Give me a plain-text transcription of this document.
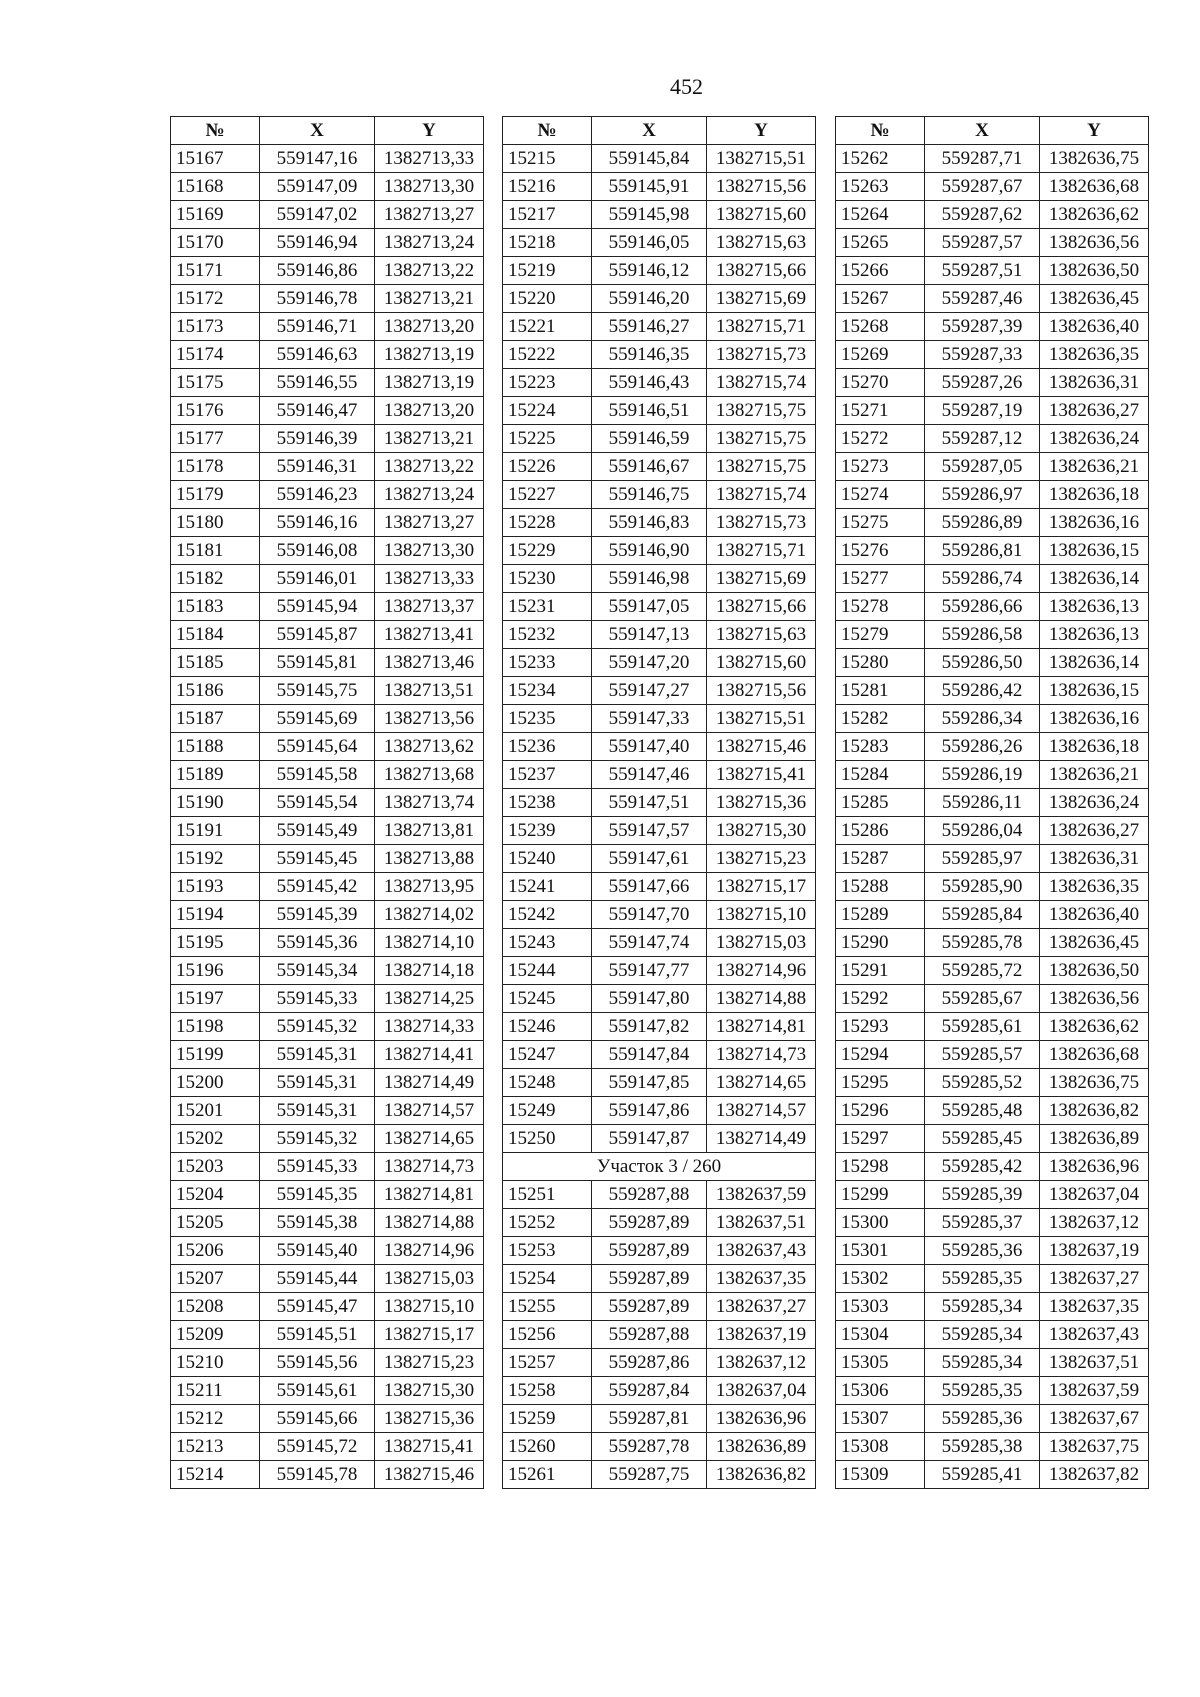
452
№	X	Y
15167	559147,16	1382713,33
15168	559147,09	1382713,30
15169	559147,02	1382713,27
15170	559146,94	1382713,24
15171	559146,86	1382713,22
15172	559146,78	1382713,21
15173	559146,71	1382713,20
15174	559146,63	1382713,19
15175	559146,55	1382713,19
15176	559146,47	1382713,20
15177	559146,39	1382713,21
15178	559146,31	1382713,22
15179	559146,23	1382713,24
15180	559146,16	1382713,27
15181	559146,08	1382713,30
15182	559146,01	1382713,33
15183	559145,94	1382713,37
15184	559145,87	1382713,41
15185	559145,81	1382713,46
15186	559145,75	1382713,51
15187	559145,69	1382713,56
15188	559145,64	1382713,62
15189	559145,58	1382713,68
15190	559145,54	1382713,74
15191	559145,49	1382713,81
15192	559145,45	1382713,88
15193	559145,42	1382713,95
15194	559145,39	1382714,02
15195	559145,36	1382714,10
15196	559145,34	1382714,18
15197	559145,33	1382714,25
15198	559145,32	1382714,33
15199	559145,31	1382714,41
15200	559145,31	1382714,49
15201	559145,31	1382714,57
15202	559145,32	1382714,65
15203	559145,33	1382714,73
15204	559145,35	1382714,81
15205	559145,38	1382714,88
15206	559145,40	1382714,96
15207	559145,44	1382715,03
15208	559145,47	1382715,10
15209	559145,51	1382715,17
15210	559145,56	1382715,23
15211	559145,61	1382715,30
15212	559145,66	1382715,36
15213	559145,72	1382715,41
15214	559145,78	1382715,46
№	X	Y
15215	559145,84	1382715,51
15216	559145,91	1382715,56
15217	559145,98	1382715,60
15218	559146,05	1382715,63
15219	559146,12	1382715,66
15220	559146,20	1382715,69
15221	559146,27	1382715,71
15222	559146,35	1382715,73
15223	559146,43	1382715,74
15224	559146,51	1382715,75
15225	559146,59	1382715,75
15226	559146,67	1382715,75
15227	559146,75	1382715,74
15228	559146,83	1382715,73
15229	559146,90	1382715,71
15230	559146,98	1382715,69
15231	559147,05	1382715,66
15232	559147,13	1382715,63
15233	559147,20	1382715,60
15234	559147,27	1382715,56
15235	559147,33	1382715,51
15236	559147,40	1382715,46
15237	559147,46	1382715,41
15238	559147,51	1382715,36
15239	559147,57	1382715,30
15240	559147,61	1382715,23
15241	559147,66	1382715,17
15242	559147,70	1382715,10
15243	559147,74	1382715,03
15244	559147,77	1382714,96
15245	559147,80	1382714,88
15246	559147,82	1382714,81
15247	559147,84	1382714,73
15248	559147,85	1382714,65
15249	559147,86	1382714,57
15250	559147,87	1382714,49
Участок 3 / 260		
15251	559287,88	1382637,59
15252	559287,89	1382637,51
15253	559287,89	1382637,43
15254	559287,89	1382637,35
15255	559287,89	1382637,27
15256	559287,88	1382637,19
15257	559287,86	1382637,12
15258	559287,84	1382637,04
15259	559287,81	1382636,96
15260	559287,78	1382636,89
15261	559287,75	1382636,82
№	X	Y
15262	559287,71	1382636,75
15263	559287,67	1382636,68
15264	559287,62	1382636,62
15265	559287,57	1382636,56
15266	559287,51	1382636,50
15267	559287,46	1382636,45
15268	559287,39	1382636,40
15269	559287,33	1382636,35
15270	559287,26	1382636,31
15271	559287,19	1382636,27
15272	559287,12	1382636,24
15273	559287,05	1382636,21
15274	559286,97	1382636,18
15275	559286,89	1382636,16
15276	559286,81	1382636,15
15277	559286,74	1382636,14
15278	559286,66	1382636,13
15279	559286,58	1382636,13
15280	559286,50	1382636,14
15281	559286,42	1382636,15
15282	559286,34	1382636,16
15283	559286,26	1382636,18
15284	559286,19	1382636,21
15285	559286,11	1382636,24
15286	559286,04	1382636,27
15287	559285,97	1382636,31
15288	559285,90	1382636,35
15289	559285,84	1382636,40
15290	559285,78	1382636,45
15291	559285,72	1382636,50
15292	559285,67	1382636,56
15293	559285,61	1382636,62
15294	559285,57	1382636,68
15295	559285,52	1382636,75
15296	559285,48	1382636,82
15297	559285,45	1382636,89
15298	559285,42	1382636,96
15299	559285,39	1382637,04
15300	559285,37	1382637,12
15301	559285,36	1382637,19
15302	559285,35	1382637,27
15303	559285,34	1382637,35
15304	559285,34	1382637,43
15305	559285,34	1382637,51
15306	559285,35	1382637,59
15307	559285,36	1382637,67
15308	559285,38	1382637,75
15309	559285,41	1382637,82
